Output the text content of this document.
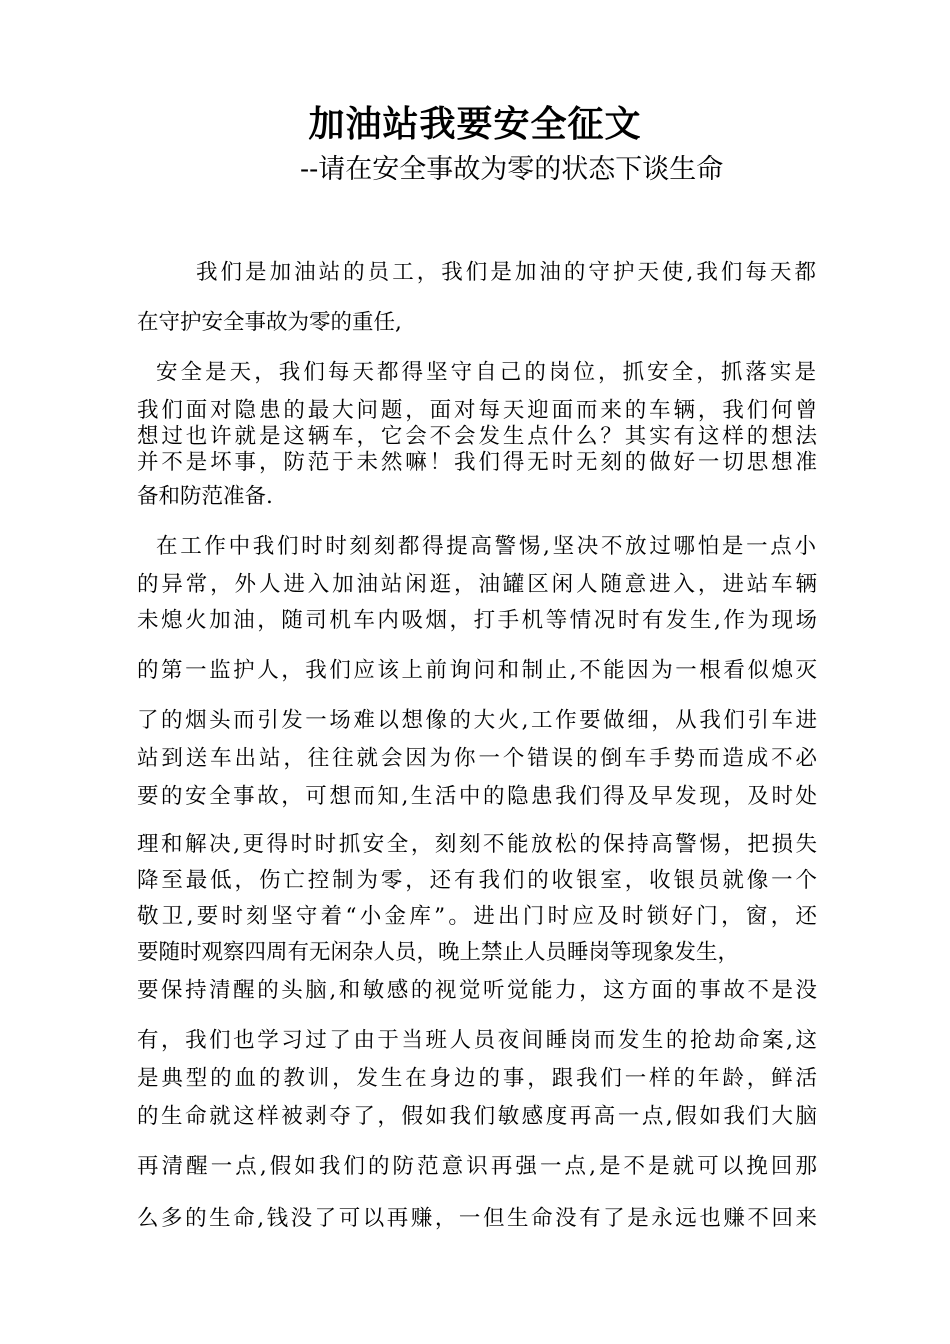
加油站我要安全征文
--请在安全事故为零的状态下谈生命
我们是加油站的员工，我们是加油的守护天使,我们每天都
在守护安全事故为零的重任,
安全是天，我们每天都得坚守自己的岗位，抓安全，抓落实是
我们面对隐患的最大问题，面对每天迎面而来的车辆，我们何曾
想过也许就是这辆车，它会不会发生点什么？其实有这样的想法
并不是坏事，防范于未然嘛！我们得无时无刻的做好一切思想准
备和防范准备.
在工作中我们时时刻刻都得提高警惕,坚决不放过哪怕是一点小
的异常，外人进入加油站闲逛，油罐区闲人随意进入，进站车辆
未熄火加油，随司机车内吸烟，打手机等情况时有发生,作为现场
的第一监护人，我们应该上前询问和制止,不能因为一根看似熄灭
了的烟头而引发一场难以想像的大火,工作要做细，从我们引车进
站到送车出站，往往就会因为你一个错误的倒车手势而造成不必
要的安全事故，可想而知,生活中的隐患我们得及早发现，及时处
理和解决,更得时时抓安全，刻刻不能放松的保持高警惕，把损失
降至最低，伤亡控制为零，还有我们的收银室，收银员就像一个
敬卫,要时刻坚守着“小金库”。进出门时应及时锁好门，窗，还
要随时观察四周有无闲杂人员，晚上禁止人员睡岗等现象发生，
要保持清醒的头脑,和敏感的视觉听觉能力，这方面的事故不是没
有，我们也学习过了由于当班人员夜间睡岗而发生的抢劫命案,这
是典型的血的教训，发生在身边的事，跟我们一样的年龄，鲜活
的生命就这样被剥夺了，假如我们敏感度再高一点,假如我们大脑
再清醒一点,假如我们的防范意识再强一点,是不是就可以挽回那
么多的生命,钱没了可以再赚，一但生命没有了是永远也赚不回来
